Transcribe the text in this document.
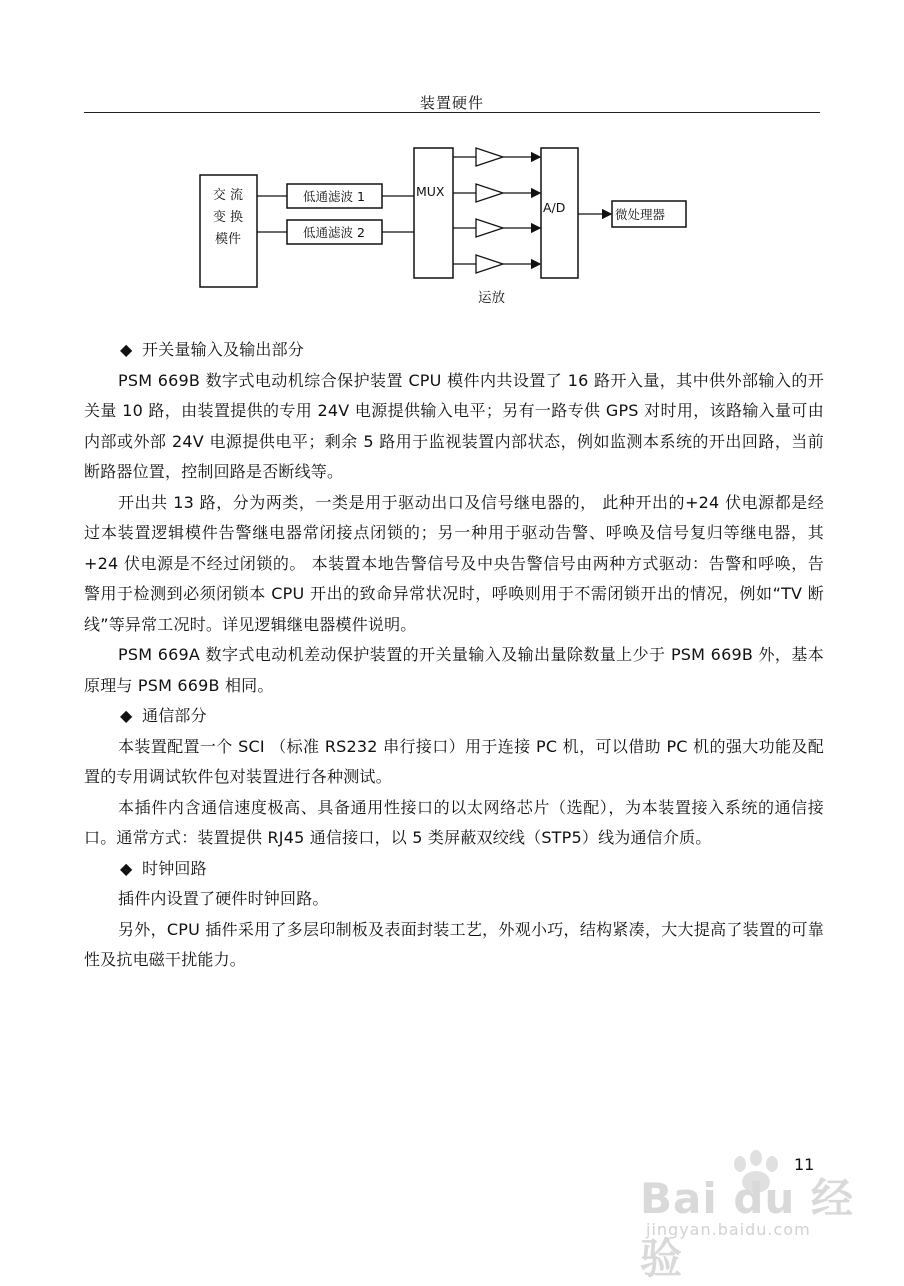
装置硬件
交 流
变 换
模件
低通滤波 1
低通滤波 2
MUX
A/D	微处理器
运放

◆ 开关量输入及输出部分

PSM 669B 数字式电动机综合保护装置 CPU 模件内共设置了 16 路开入量，其中供外部输入的开关量 10 路，由装置提供的专用 24V 电源提供输入电平；另有一路专供 GPS 对时用，该路输入量可由内部或外部 24V 电源提供电平；剩余 5 路用于监视装置内部状态，例如监测本系统的开出回路，当前断路器位置，控制回路是否断线等。

开出共 13 路，分为两类，一类是用于驱动出口及信号继电器的， 此种开出的+24 伏电源都是经过本装置逻辑模件告警继电器常闭接点闭锁的；另一种用于驱动告警、呼唤及信号复归等继电器，其+24 伏电源是不经过闭锁的。 本装置本地告警信号及中央告警信号由两种方式驱动：告警和呼唤，告警用于检测到必须闭锁本 CPU 开出的致命异常状况时，呼唤则用于不需闭锁开出的情况，例如“TV 断线”等异常工况时。详见逻辑继电器模件说明。

PSM 669A 数字式电动机差动保护装置的开关量输入及输出量除数量上少于 PSM 669B 外，基本原理与 PSM 669B 相同。

◆ 通信部分

本装置配置一个 SCI （标准 RS232 串行接口）用于连接 PC 机，可以借助 PC 机的强大功能及配置的专用调试软件包对装置进行各种测试。

本插件内含通信速度极高、具备通用性接口的以太网络芯片（选配），为本装置接入系统的通信接口。通常方式：装置提供 RJ45 通信接口，以 5 类屏蔽双绞线（STP5）线为通信介质。

◆ 时钟回路

插件内设置了硬件时钟回路。

另外，CPU 插件采用了多层印制板及表面封装工艺，外观小巧，结构紧凑，大大提高了装置的可靠性及抗电磁干扰能力。

Bai du 经验
jingyan.baidu.com
11
